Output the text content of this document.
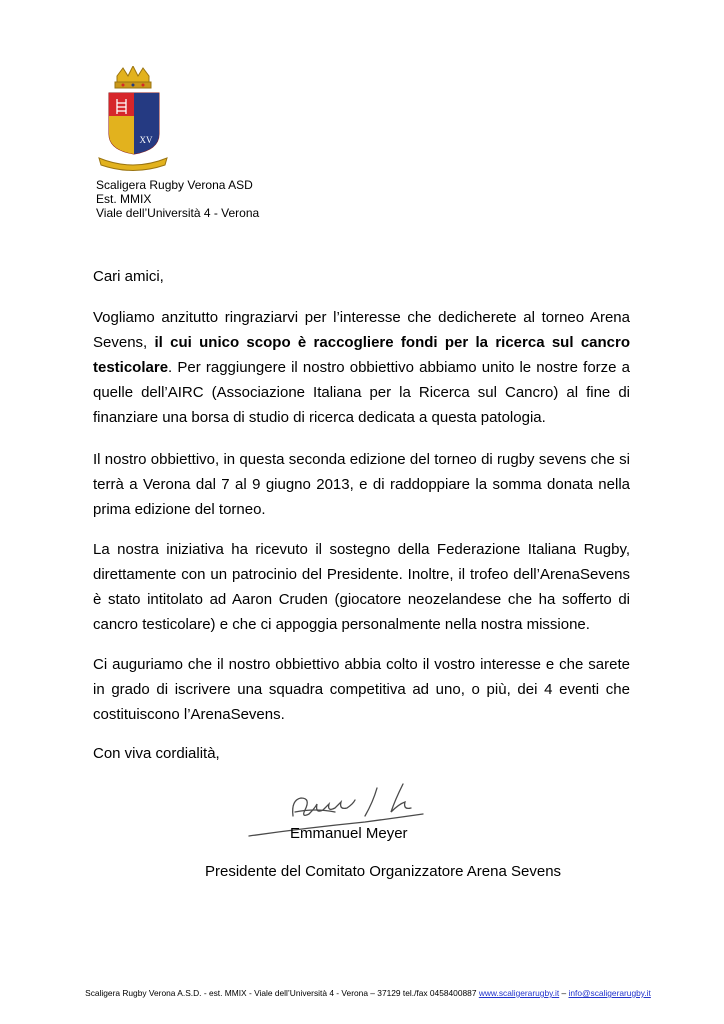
XV
Scaligera Rugby Verona ASD
Est. MMIX
Viale dell’Università 4 - Verona
Cari amici,
Vogliamo anzitutto ringraziarvi per l’interesse che dedicherete al torneo Arena Sevens, il cui unico scopo è raccogliere fondi per la ricerca sul cancro testicolare. Per raggiungere il nostro obbiettivo abbiamo unito le nostre forze a quelle dell’AIRC (Associazione Italiana per la Ricerca sul Cancro) al fine di finanziare una borsa di studio di ricerca dedicata a questa patologia.
Il nostro obbiettivo, in questa seconda edizione del torneo di rugby sevens che si terrà a Verona dal 7 al 9 giugno 2013, e di raddoppiare la somma donata nella prima edizione del torneo.
La nostra iniziativa ha ricevuto il sostegno della Federazione Italiana Rugby, direttamente con un patrocinio del Presidente. Inoltre, il trofeo dell’ArenaSevens è stato intitolato ad Aaron Cruden (giocatore neozelandese che ha sofferto di cancro testicolare) e che ci appoggia personalmente nella nostra missione.
Ci auguriamo che il nostro obbiettivo abbia colto il vostro interesse e che sarete in grado di iscrivere una squadra competitiva ad uno, o più, dei 4 eventi che costituiscono l’ArenaSevens.
Con viva cordialità,
Emmanuel Meyer
Presidente del Comitato Organizzatore Arena Sevens
Scaligera Rugby Verona A.S.D. - est. MMIX - Viale dell’Università 4 - Verona – 37129 tel./fax 0458400887 www.scaligerarugby.it – info@scaligerarugby.it
